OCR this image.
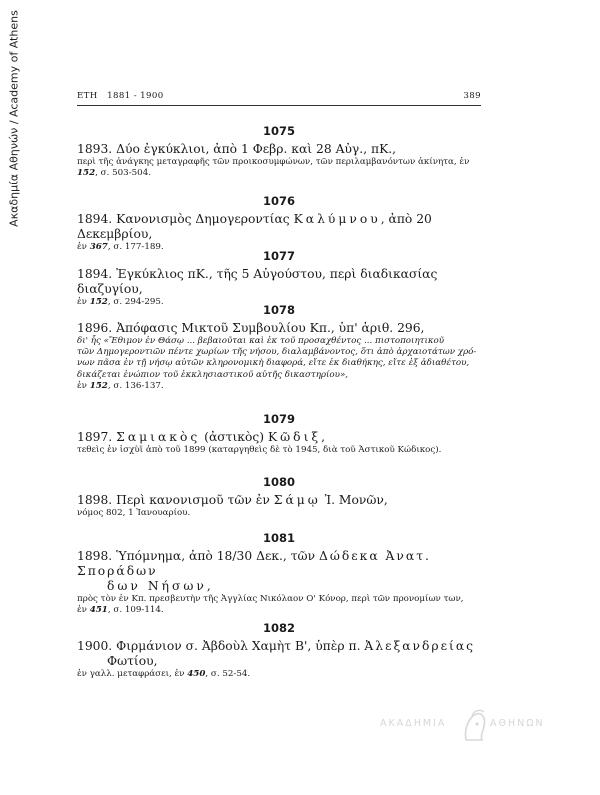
Ακαδημία Αθηνών / Academy of Athens	ΕΤΗ   1881 - 1900	389
1075
1893. Δύο ἐγκύκλιοι, ἀπὸ 1 Φεβρ. καὶ 28 Αὐγ., πΚ.,
περὶ τῆς ἀνάγκης μεταγραφῆς τῶν προικοσυμφώνων, τῶν περιλαμβανόντων ἀκίνητα, ἐν
152, σ. 503-504.
1076
1894. Κανονισμὸς Δημογεροντίας Καλύμνου, ἀπὸ 20 Δεκεμβρίου,
ἐν 367, σ. 177-189.
1077
1894. Ἐγκύκλιος πΚ., τῆς 5 Αὐγούστου, περὶ διαδικασίας διαζυγίου,
ἐν 152, σ. 294-295.
1078
1896. Ἀπόφασις Μικτοῦ Συμβουλίου Κπ., ὑπ' ἀριθ. 296,
δι' ἧς «Ἔθιμον ἐν Θάσῳ ... βεβαιοῦται καὶ ἐκ τοῦ προσαχθέντος ... πιστοποιητικοῦ
τῶν Δημογεροντιῶν πέντε χωρίων τῆς νήσου, διαλαμβάνοντος, ὅτι ἀπὸ ἀρχαιοτάτων χρό-
νων πᾶσα ἐν τῇ νήσῳ αὐτῶν κληρονομικὴ διαφορά, εἴτε ἐκ διαθήκης, εἴτε ἐξ ἀδιαθέτου,
δικάζεται ἐνώπιον τοῦ ἐκκλησιαστικοῦ αὐτῆς δικαστηρίου»,
ἐν 152, σ. 136-137.
1079
1897. Σαμιακὸς (ἀστικὸς) Κῶδιξ,
τεθεὶς ἐν ἰσχὺϊ ἀπὸ τοῦ 1899 (καταργηθεὶς δὲ τὸ 1945, διὰ τοῦ Ἀστικοῦ Κώδικος).
1080
1898. Περὶ κανονισμοῦ τῶν ἐν Σάμῳ Ἰ. Μονῶν,
νόμος 802, 1 Ἰανουαρίου.
1081
1898. Ὑπόμνημα, ἀπὸ 18/30 Δεκ., τῶν Δώδεκα Ἀνατ. Σποράδων
δων Νήσων,
πρὸς τὸν ἐν Κπ. πρεσβευτὴν τῆς Ἀγγλίας Νικόλαον Ο' Κόνορ, περὶ τῶν προνομίων των,
ἐν 451, σ. 109-114.
1082
1900. Φιρμάνιον σ. Ἀβδοὺλ Χαμὴτ Β', ὑπὲρ π. Ἀλεξανδρείας
Φωτίου,
ἐν γαλλ. μεταφράσει, ἐν 450, σ. 52-54.
ΑΚΑΔΗΜΙΑ	ΑΘΗΝΩΝ
